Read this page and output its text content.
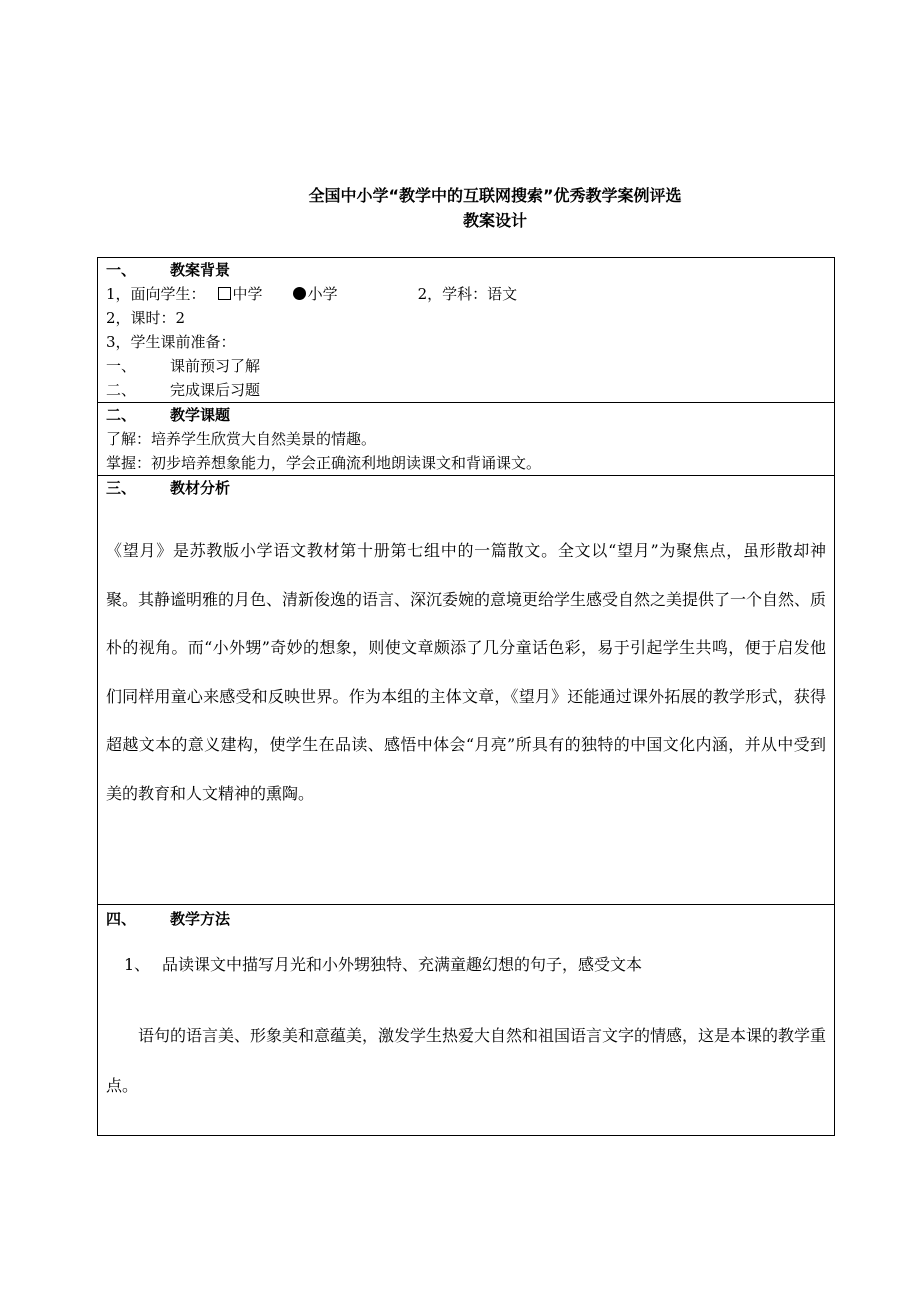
全国中小学“教学中的互联网搜索”优秀教学案例评选
教案设计
一、 教案背景
1，面向学生： 中学	小学	2，学科：语文
2，课时：2
3，学生课前准备：
一、 课前预习了解
二、 完成课后习题

二、 教学课题
了解：培养学生欣赏大自然美景的情趣。
掌握：初步培养想象能力，学会正确流利地朗读课文和背诵课文。

三、 教材分析

《望月》是苏教版小学语文教材第十册第七组中的一篇散文。全文以“望月”为聚焦点，虽形散却神聚。其静谧明雅的月色、清新俊逸的语言、深沉委婉的意境更给学生感受自然之美提供了一个自然、质朴的视角。而“小外甥”奇妙的想象，则使文章颇添了几分童话色彩，易于引起学生共鸣，便于启发他们同样用童心来感受和反映世界。作为本组的主体文章，《望月》还能通过课外拓展的教学形式，获得超越文本的意义建构，使学生在品读、感悟中体会“月亮”所具有的独特的中国文化内涵，并从中受到美的教育和人文精神的熏陶。

四、 教学方法
1、 品读课文中描写月光和小外甥独特、充满童趣幻想的句子，感受文本

语句的语言美、形象美和意蕴美，激发学生热爱大自然和祖国语言文字的情感，这是本课的教学重点。
